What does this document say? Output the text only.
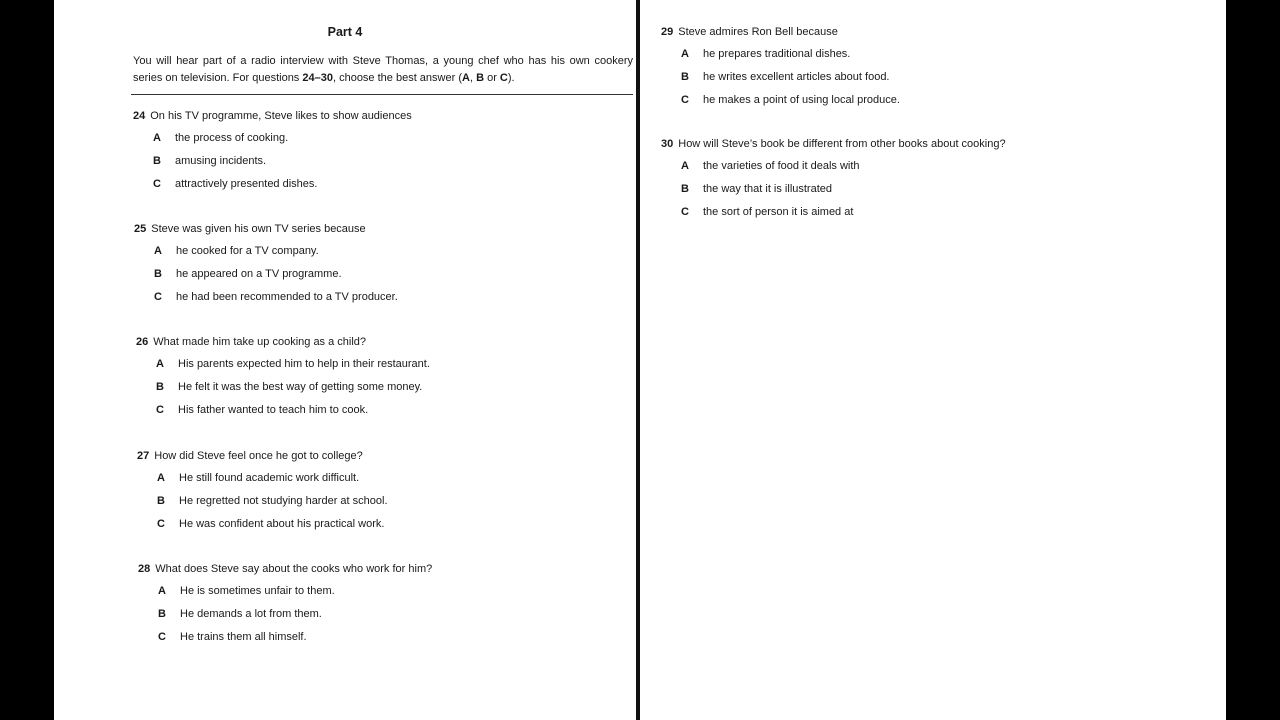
Part 4
You will hear part of a radio interview with Steve Thomas, a young chef who has his own cookery series on television. For questions 24–30, choose the best answer (A, B or C).
24 On his TV programme, Steve likes to show audiences
A the process of cooking.
B amusing incidents.
C attractively presented dishes.
25 Steve was given his own TV series because
A he cooked for a TV company.
B he appeared on a TV programme.
C he had been recommended to a TV producer.
26 What made him take up cooking as a child?
A His parents expected him to help in their restaurant.
B He felt it was the best way of getting some money.
C His father wanted to teach him to cook.
27 How did Steve feel once he got to college?
A He still found academic work difficult.
B He regretted not studying harder at school.
C He was confident about his practical work.
28 What does Steve say about the cooks who work for him?
A He is sometimes unfair to them.
B He demands a lot from them.
C He trains them all himself.
29 Steve admires Ron Bell because
A he prepares traditional dishes.
B he writes excellent articles about food.
C he makes a point of using local produce.
30 How will Steve’s book be different from other books about cooking?
A the varieties of food it deals with
B the way that it is illustrated
C the sort of person it is aimed at
